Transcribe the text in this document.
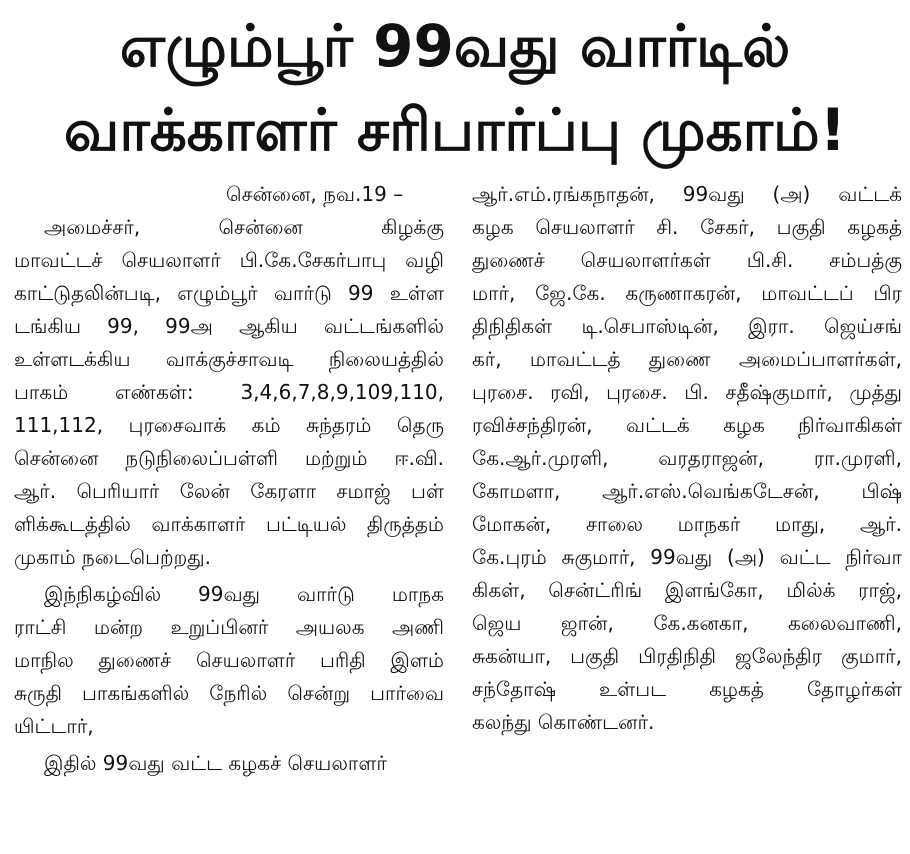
எழும்பூர் 99வது வார்டில்
வாக்காளர் சரிபார்ப்பு முகாம்!
சென்னை, நவ.19 –
அமைச்சர், சென்னை கிழக்கு
மாவட்டச் செயலாளர் பி.கே.சேகர்பாபு வழி
காட்டுதலின்படி, எழும்பூர் வார்டு 99 உள்ள
டங்கிய 99, 99அ ஆகிய வட்டங்களில்
உள்ளடக்கிய வாக்குச்சாவடி நிலையத்தில்
பாகம் எண்கள்: 3,4,6,7,8,9,109,110,
111,112, புரசைவாக் கம் சுந்தரம் தெரு
சென்னை நடுநிலைப்பள்ளி மற்றும் ஈ.வி.
ஆர். பெரியார் லேன் கேரளா சமாஜ் பள்
ளிக்கூடத்தில் வாக்காளர் பட்டியல் திருத்தம்
முகாம் நடைபெற்றது.
இந்நிகழ்வில் 99வது வார்டு மாநக
ராட்சி மன்ற உறுப்பினர் அயலக அணி
மாநில துணைச் செயலாளர் பரிதி இளம்
சுருதி பாகங்களில் நேரில் சென்று பார்வை
யிட்டார்,
இதில் 99வது வட்ட கழகச் செயலாளர்
ஆர்.எம்.ரங்கநாதன், 99வது (அ) வட்டக்
கழக செயலாளர் சி. சேகர், பகுதி கழகத்
துணைச் செயலாளர்கள் பி.சி. சம்பத்கு
மார், ஜே.கே. கருணாகரன், மாவட்டப் பிர
திநிதிகள் டி.செபாஸ்டின், இரா. ஜெய்சங்
கர், மாவட்டத் துணை அமைப்பாளர்கள்,
புரசை. ரவி, புரசை. பி. சதீஷ்குமார், முத்து
ரவிச்சந்திரன், வட்டக் கழக நிர்வாகிகள்
கே.ஆர்.முரளி, வரதராஜன், ரா.முரளி,
கோமளா, ஆர்.எஸ்.வெங்கடேசன், பிஷ்
மோகன், சாலை மாநகர் மாது, ஆர்.
கே.புரம் சுகுமார், 99வது (அ) வட்ட நிர்வா
கிகள், சென்ட்ரிங் இளங்கோ, மில்க் ராஜ்,
ஜெய ஜான், கே.கனகா, கலைவாணி,
சுகன்யா, பகுதி பிரதிநிதி ஜலேந்திர குமார்,
சந்தோஷ் உள்பட கழகத் தோழர்கள்
கலந்து கொண்டனர்.
